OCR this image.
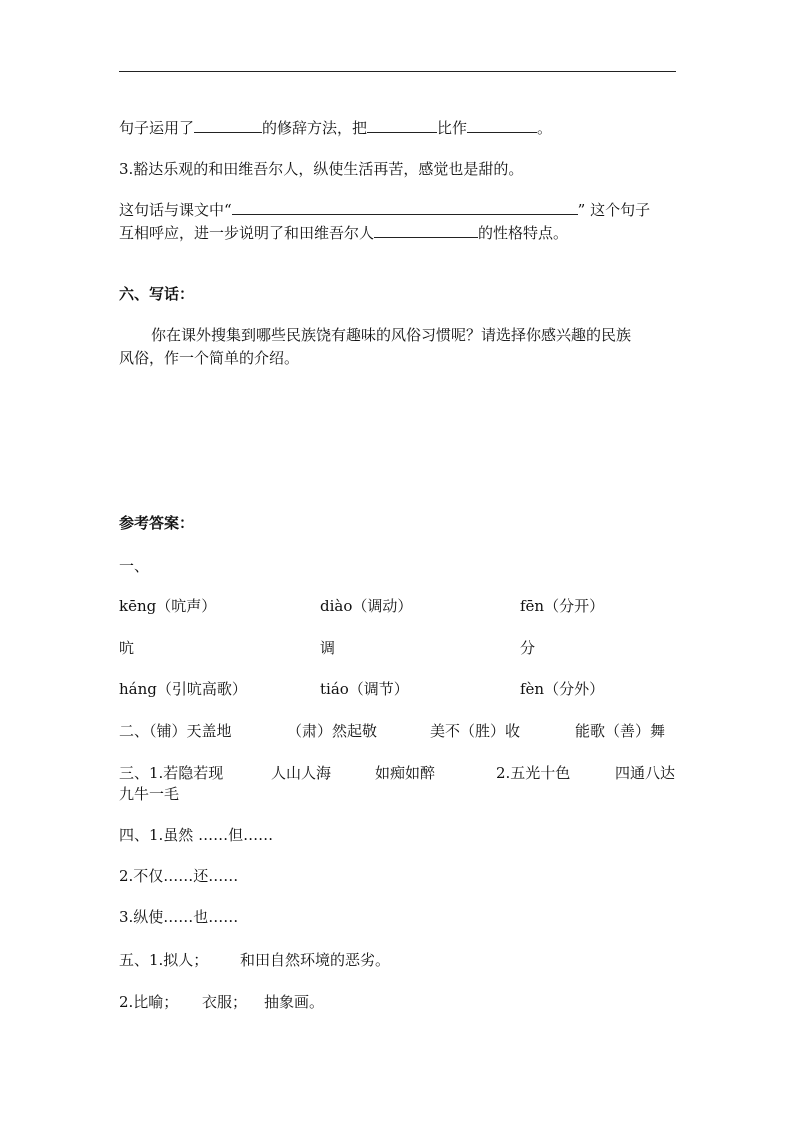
句子运用了	的修辞方法，把	比作	。
3.豁达乐观的和田维吾尔人，纵使生活再苦，感觉也是甜的。
这句话与课文中“	” 这个句子
互相呼应，进一步说明了和田维吾尔人	的性格特点。
六、写话：
你在课外搜集到哪些民族饶有趣味的风俗习惯呢？请选择你感兴趣的民族
风俗，作一个简单的介绍。
参考答案：
一、
kēng（吭声）	diào（调动）	fēn（分开）
吭	调	分
háng（引吭高歌）	tiáo（调节）	fèn（分外）
二、（铺）天盖地	（肃）然起敬	美不（胜）收	能歌（善）舞
三、1.若隐若现	人山人海	如痴如醉	2.五光十色	四通八达
九牛一毛
四、1.虽然 ……但……
2.不仅……还……
3.纵使……也……
五、1.拟人； 和田自然环境的恶劣。
2.比喻； 衣服； 抽象画。
